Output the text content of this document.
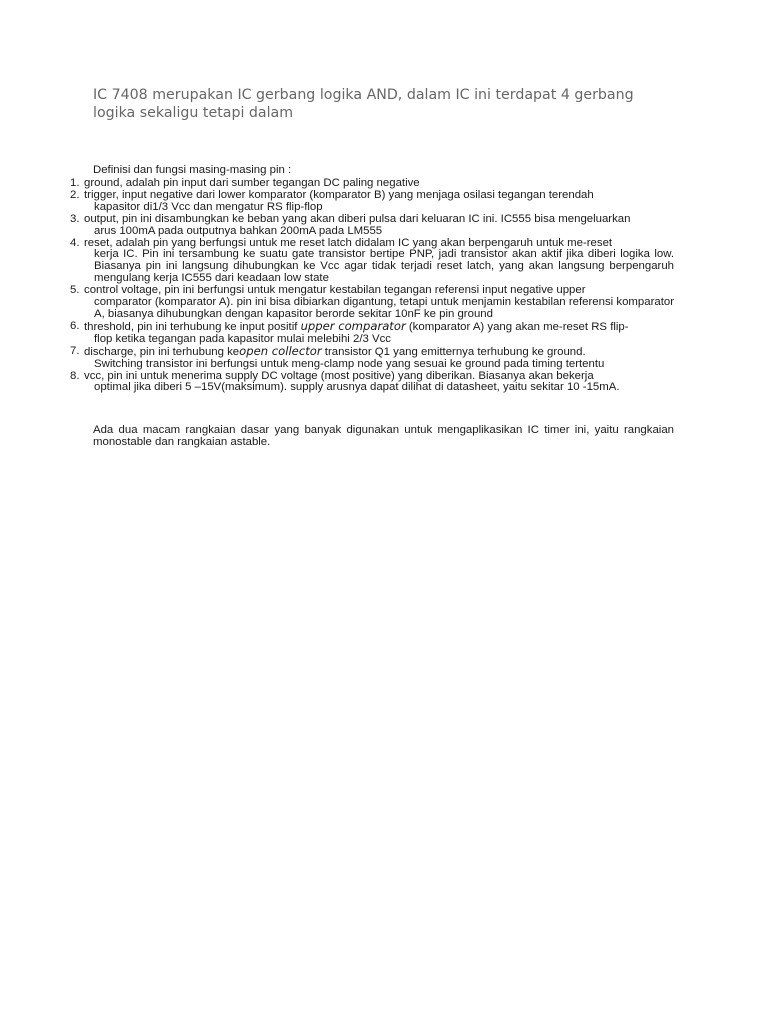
IC 7408 merupakan IC gerbang logika AND, dalam IC ini terdapat 4 gerbang logika sekaligu tetapi dalam

Definisi dan fungsi masing-masing pin :

1. ground, adalah pin input dari sumber tegangan DC paling negative
2. trigger, input negative dari lower komparator (komparator B) yang menjaga osilasi tegangan terendah
kapasitor di1/3 Vcc dan mengatur RS flip-flop
3. output, pin ini disambungkan ke beban yang akan diberi pulsa dari keluaran IC ini. IC555 bisa mengeluarkan
arus 100mA pada outputnya bahkan 200mA pada LM555
4. reset, adalah pin yang berfungsi untuk me reset latch didalam IC yang akan berpengaruh untuk me-reset
kerja IC. Pin ini tersambung ke suatu gate transistor bertipe PNP, jadi transistor akan aktif jika diberi logika low. Biasanya pin ini langsung dihubungkan ke Vcc agar tidak terjadi reset latch, yang akan langsung berpengaruh mengulang kerja IC555 dari keadaan low state
5. control voltage, pin ini berfungsi untuk mengatur kestabilan tegangan referensi input negative upper
comparator (komparator A). pin ini bisa dibiarkan digantung, tetapi untuk menjamin kestabilan referensi komparator A, biasanya dihubungkan dengan kapasitor berorde sekitar 10nF ke pin ground
6. threshold, pin ini terhubung ke input positif upper comparator (komparator A) yang akan me-reset RS flip-
flop ketika tegangan pada kapasitor mulai melebihi 2/3 Vcc
7. discharge, pin ini terhubung keopen collector transistor Q1 yang emitternya terhubung ke ground.
Switching transistor ini berfungsi untuk meng-clamp node yang sesuai ke ground pada timing tertentu
8. vcc, pin ini untuk menerima supply DC voltage (most positive) yang diberikan. Biasanya akan bekerja
optimal jika diberi 5 –15V(maksimum). supply arusnya dapat dilihat di datasheet, yaitu sekitar 10 -15mA.

Ada dua macam rangkaian dasar yang banyak digunakan untuk mengaplikasikan IC timer ini, yaitu rangkaian monostable dan rangkaian astable.
